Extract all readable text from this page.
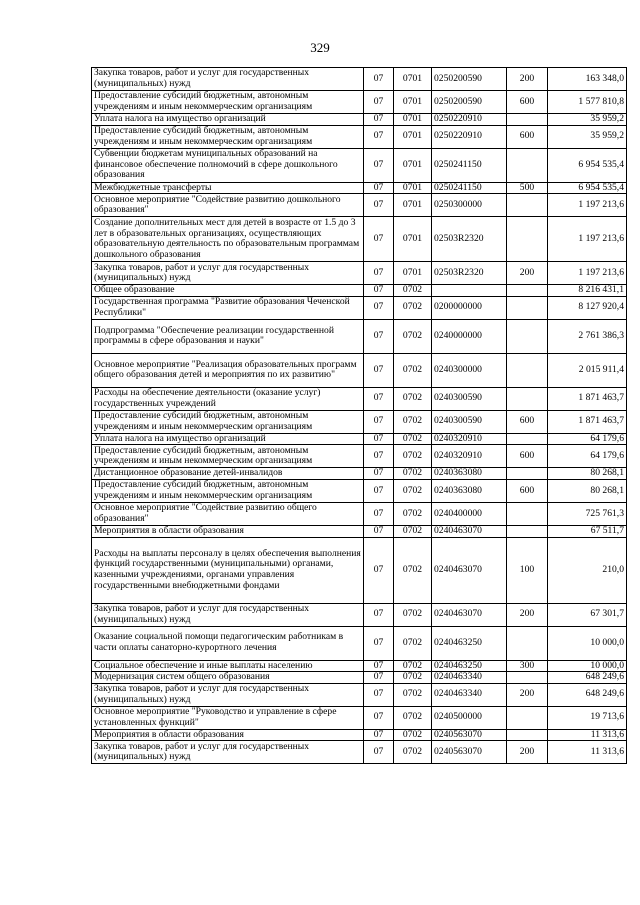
329
Закупка товаров, работ и услуг для государственных (муниципальных) нужд	07	0701	0250200590	200	163 348,0
Предоставление субсидий бюджетным, автономным учреждениям и иным некоммерческим организациям	07	0701	0250200590	600	1 577 810,8
Уплата налога на имущество организаций	07	0701	0250220910		35 959,2
Предоставление субсидий бюджетным, автономным учреждениям и иным некоммерческим организациям	07	0701	0250220910	600	35 959,2
Субвенции бюджетам муниципальных образований на финансовое обеспечение полномочий в сфере дошкольного образования	07	0701	0250241150		6 954 535,4
Межбюджетные трансферты	07	0701	0250241150	500	6 954 535,4
Основное мероприятие "Содействие развитию дошкольного образования"	07	0701	0250300000		1 197 213,6
Создание дополнительных мест для детей в возрасте от 1.5 до 3 лет в образовательных организациях, осуществляющих образовательную деятельность по образовательным программам дошкольного образования	07	0701	02503R2320		1 197 213,6
Закупка товаров, работ и услуг для государственных (муниципальных) нужд	07	0701	02503R2320	200	1 197 213,6
Общее образование	07	0702			8 216 431,1
Государственная программа "Развитие образования Чеченской Республики"	07	0702	0200000000		8 127 920,4
Подпрограмма "Обеспечение реализации государственной программы в сфере образования и науки"	07	0702	0240000000		2 761 386,3
Основное мероприятие "Реализация образовательных программ общего образования детей и мероприятия по их развитию"	07	0702	0240300000		2 015 911,4
Расходы на обеспечение деятельности (оказание услуг) государственных учреждений	07	0702	0240300590		1 871 463,7
Предоставление субсидий бюджетным, автономным учреждениям и иным некоммерческим организациям	07	0702	0240300590	600	1 871 463,7
Уплата налога на имущество организаций	07	0702	0240320910		64 179,6
Предоставление субсидий бюджетным, автономным учреждениям и иным некоммерческим организациям	07	0702	0240320910	600	64 179,6
Дистанционное образование детей-инвалидов	07	0702	0240363080		80 268,1
Предоставление субсидий бюджетным, автономным учреждениям и иным некоммерческим организациям	07	0702	0240363080	600	80 268,1
Основное мероприятие "Содействие развитию общего образования"	07	0702	0240400000		725 761,3
Мероприятия в области образования	07	0702	0240463070		67 511,7
Расходы на выплаты персоналу в целях обеспечения выполнения функций государственными (муниципальными) органами, казенными учреждениями, органами управления государственными внебюджетными фондами	07	0702	0240463070	100	210,0
Закупка товаров, работ и услуг для государственных (муниципальных) нужд	07	0702	0240463070	200	67 301,7
Оказание социальной помощи педагогическим работникам в части оплаты санаторно-курортного лечения	07	0702	0240463250		10 000,0
Социальное обеспечение и иные выплаты населению	07	0702	0240463250	300	10 000,0
Модернизация систем общего образования	07	0702	0240463340		648 249,6
Закупка товаров, работ и услуг для государственных (муниципальных) нужд	07	0702	0240463340	200	648 249,6
Основное мероприятие "Руководство и управление в сфере установленных функций"	07	0702	0240500000		19 713,6
Мероприятия в области образования	07	0702	0240563070		11 313,6
Закупка товаров, работ и услуг для государственных (муниципальных) нужд	07	0702	0240563070	200	11 313,6
